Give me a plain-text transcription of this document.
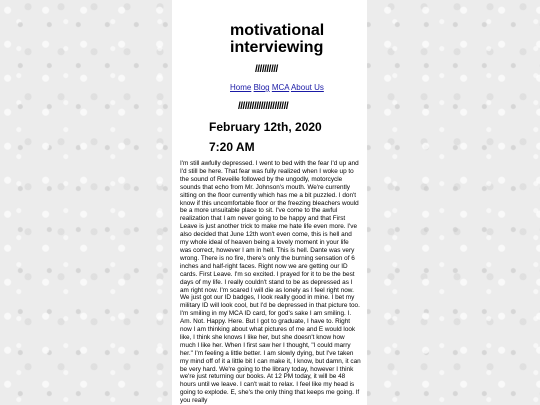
motivational interviewing
//////////
Home Blog MCA About Us
//////////////////////
February 12th, 2020
7:20 AM

I'm still awfully depressed. I went to bed with the fear I'd up and I'd still be here. That fear was fully realized when I woke up to the sound of Reveille followed by the ungodly, motorcycle sounds that echo from Mr. Johnson's mouth. We're currently sitting on the floor currently which has me a bit puzzled. I don't know if this uncomfortable floor or the freezing bleachers would be a more unsuitable place to sit. I've come to the awful realization that I am never going to be happy and that First Leave is just another trick to make me hate life even more. I've also decided that June 12th won't even come, this is hell and my whole ideal of heaven being a lovely moment in your life was correct, however I am in hell. This is hell. Dante was very wrong. There is no fire, there's only the burning sensation of 6 inches and half-right faces. Right now we are getting our ID cards. First Leave. I'm so excited. I prayed for it to be the best days of my life. I really couldn't stand to be as depressed as I am right now. I'm scared I will die as lonely as I feel right now. We just got our ID badges, I look really good in mine. I bet my military ID will look cool, but I'd be depressed in that picture too. I'm smiling in my MCA ID card, for god's sake I am smiling. I. Am. Not. Happy. Here. But I got to graduate, I have to. Right now I am thinking about what pictures of me and E would look like, I think she knows I like her, but she doesn't know how much I like her. When I first saw her I thought, "I could marry her." I'm feeling a little better. I am slowly dying, but I've taken my mind off of it a little bit I can make it, I know, but damn, it can be very hard. We're going to the library today, however I think we're just returning our books. At 12 PM today, it will be 48 hours until we leave. I can't wait to relax. I feel like my head is going to explode. E, she's the only thing that keeps me going. If you really
